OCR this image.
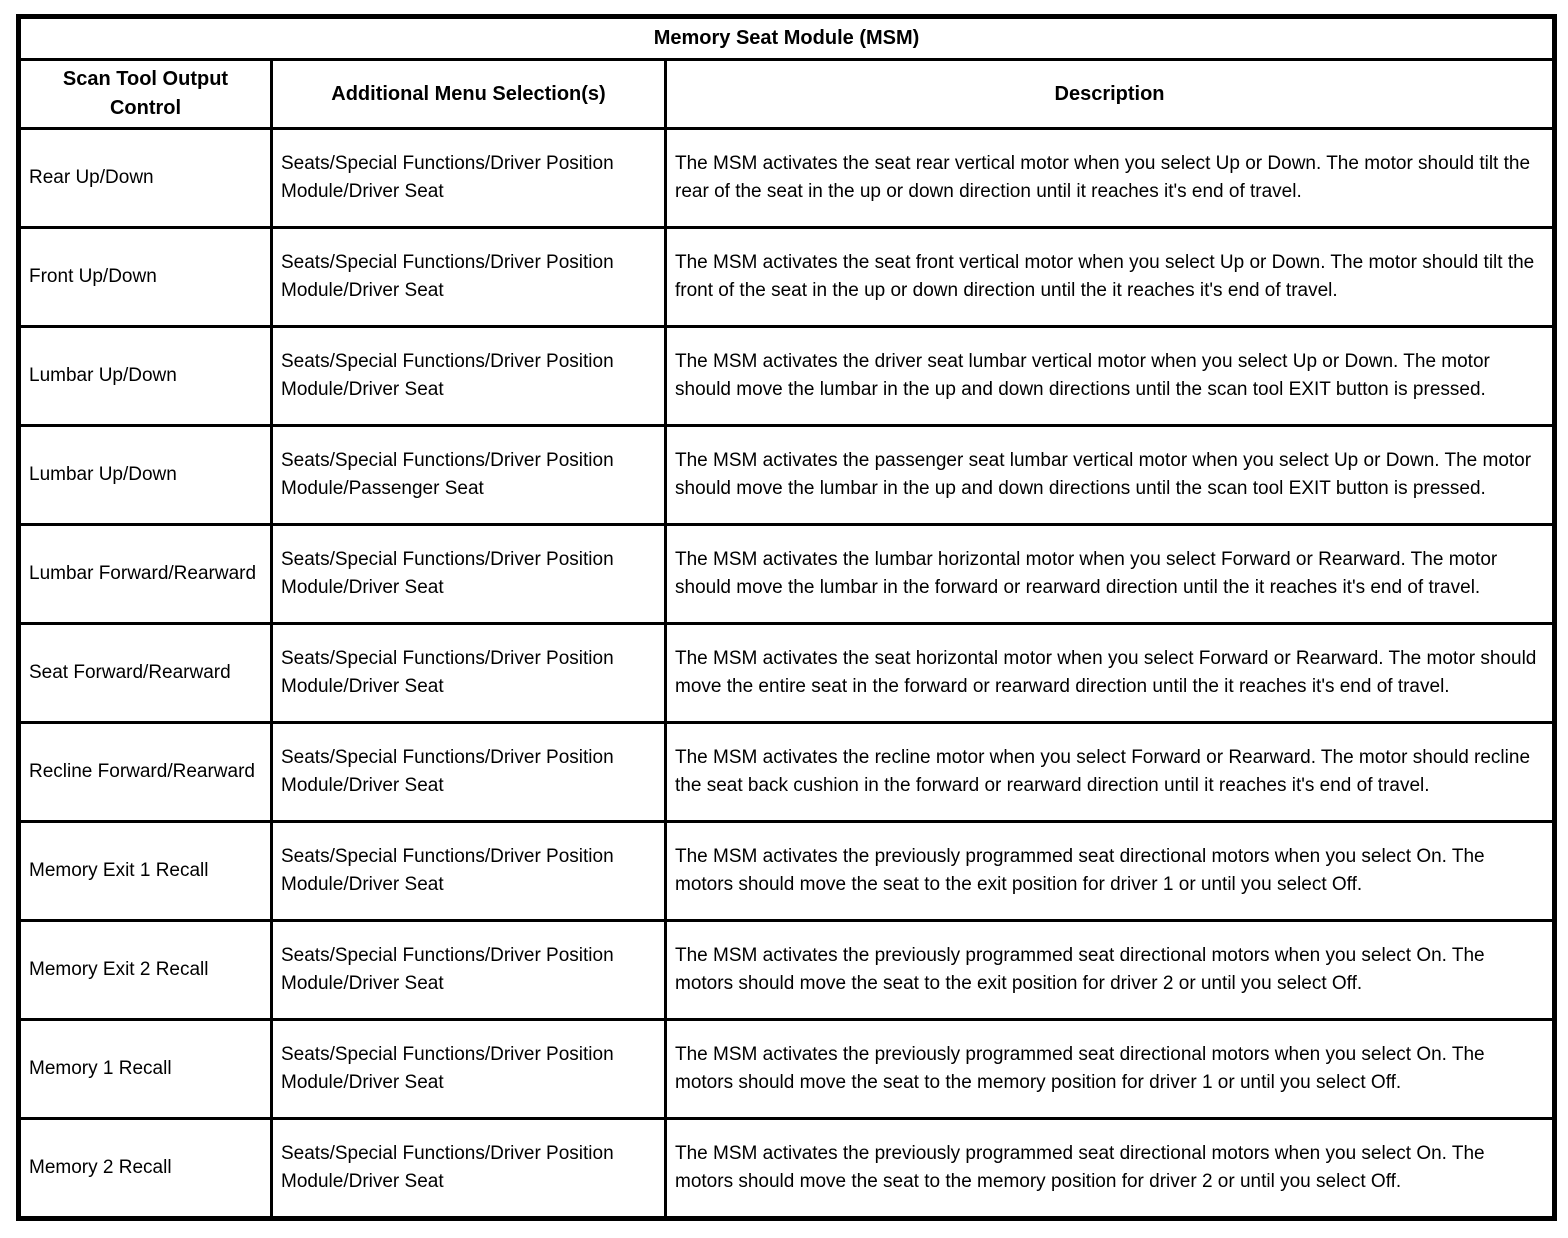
Memory Seat Module (MSM)		
Scan Tool Output Control	Additional Menu Selection(s)	Description
Rear Up/Down	Seats/Special Functions/Driver Position Module/Driver Seat	The MSM activates the seat rear vertical motor when you select Up or Down. The motor should tilt the rear of the seat in the up or down direction until it reaches it's end of travel.
Front Up/Down	Seats/Special Functions/Driver Position Module/Driver Seat	The MSM activates the seat front vertical motor when you select Up or Down. The motor should tilt the front of the seat in the up or down direction until the it reaches it's end of travel.
Lumbar Up/Down	Seats/Special Functions/Driver Position Module/Driver Seat	The MSM activates the driver seat lumbar vertical motor when you select Up or Down. The motor should move the lumbar in the up and down directions until the scan tool EXIT button is pressed.
Lumbar Up/Down	Seats/Special Functions/Driver Position Module/Passenger Seat	The MSM activates the passenger seat lumbar vertical motor when you select Up or Down. The motor should move the lumbar in the up and down directions until the scan tool EXIT button is pressed.
Lumbar Forward/Rearward	Seats/Special Functions/Driver Position Module/Driver Seat	The MSM activates the lumbar horizontal motor when you select Forward or Rearward. The motor should move the lumbar in the forward or rearward direction until the it reaches it's end of travel.
Seat Forward/Rearward	Seats/Special Functions/Driver Position Module/Driver Seat	The MSM activates the seat horizontal motor when you select Forward or Rearward. The motor should move the entire seat in the forward or rearward direction until the it reaches it's end of travel.
Recline Forward/Rearward	Seats/Special Functions/Driver Position Module/Driver Seat	The MSM activates the recline motor when you select Forward or Rearward. The motor should recline the seat back cushion in the forward or rearward direction until it reaches it's end of travel.
Memory Exit 1 Recall	Seats/Special Functions/Driver Position Module/Driver Seat	The MSM activates the previously programmed seat directional motors when you select On. The motors should move the seat to the exit position for driver 1 or until you select Off.
Memory Exit 2 Recall	Seats/Special Functions/Driver Position Module/Driver Seat	The MSM activates the previously programmed seat directional motors when you select On. The motors should move the seat to the exit position for driver 2 or until you select Off.
Memory 1 Recall	Seats/Special Functions/Driver Position Module/Driver Seat	The MSM activates the previously programmed seat directional motors when you select On. The motors should move the seat to the memory position for driver 1 or until you select Off.
Memory 2 Recall	Seats/Special Functions/Driver Position Module/Driver Seat	The MSM activates the previously programmed seat directional motors when you select On. The motors should move the seat to the memory position for driver 2 or until you select Off.
